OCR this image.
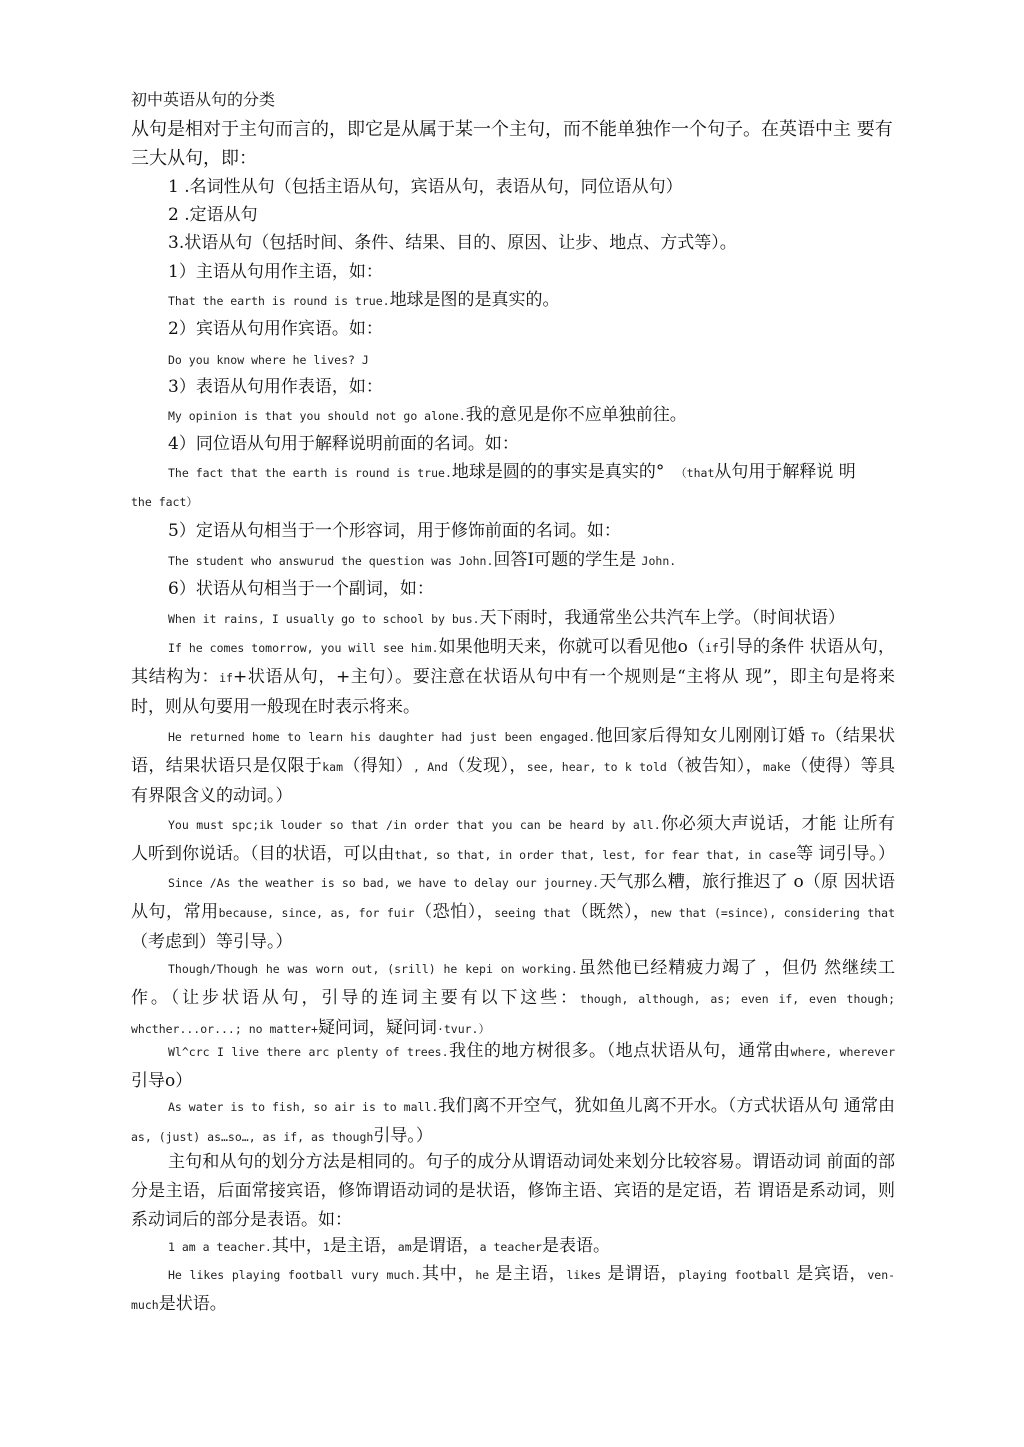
初中英语从句的分类
从句是相对于主句而言的，即它是从属于某一个主句，而不能单独作一个句子。在英语中主 要有
三大从句，即：
1 .名词性从句（包括主语从句，宾语从句，表语从句，同位语从句）
2 .定语从句
3.状语从句（包括时间、条件、结果、目的、原因、让步、地点、方式等）。
1）主语从句用作主语，如：
That the earth is round is true.地球是图的是真实的。
2）宾语从句用作宾语。如：
Do you know where he lives? J
3）表语从句用作表语，如：
My opinion is that you should not go alone.我的意见是你不应单独前往。
4）同位语从句用于解释说明前面的名词。如：
The fact that the earth is round is true.地球是圆的的事实是真实的° （that从句用于解释说 明
the fact）
5）定语从句相当于一个形容词，用于修饰前面的名词。如：
The student who answurud the question was John.回答I可题的学生是 John.
6）状语从句相当于一个副词，如：
When it rains, I usually go to school by bus.天下雨时，我通常坐公共汽车上学。（时间状语）
If he comes tomorrow, you will see him.如果他明天来，你就可以看见他o（if引导的条件 状语从句，其结构为：if+状语从句，+主句）。要注意在状语从句中有一个规则是“主将从 现”，即主句是将来时，则从句要用一般现在时表示将来。
He returned home to learn his daughter had just been engaged.他回家后得知女儿刚刚订婚 To（结果状语，结果状语只是仅限于kam（得知）, And（发现），see, hear, to k told（被告知），make（使得）等具有界限含义的动词。）
You must spc;ik louder so that /in order that you can be heard by all.你必须大声说话，才能 让所有人听到你说话。（目的状语，可以由that, so that, in order that, lest, for fear that, in case等 词引导。）
Since /As the weather is so bad, we have to delay our journey.天气那么糟，旅行推迟了 o（原 因状语从句，常用because, since, as, for fuir（恐怕），seeing that（既然），new that (=since), considering that（考虑到）等引导。）
Though/Though he was worn out, (srill) he kepi on working.虽然他已经精疲力竭了 ，但仍 然继续工作。（让步状语从句，引导的连词主要有以下这些：though, although, as; even if, even though; whcther...or...; no matter+疑问词，疑问词·tvur.）
Wl^crc I live there arc plenty of trees.我住的地方树很多。（地点状语从句，通常由where, wherever引导o）
As water is to fish, so air is to mall.我们离不开空气，犹如鱼儿离不开水。（方式状语从句 通常由as, (just) as…so…, as if, as though引导。）
主句和从句的划分方法是相同的。句子的成分从谓语动词处来划分比较容易。谓语动词 前面的部分是主语，后面常接宾语，修饰谓语动词的是状语，修饰主语、宾语的是定语，若 谓语是系动词，则系动词后的部分是表语。如：
1 am a teacher.其中，1是主语，am是谓语，a teacher是表语。
He likes playing football vury much.其中，he 是主语，likes 是谓语，playing football 是宾语，ven-much是状语。
